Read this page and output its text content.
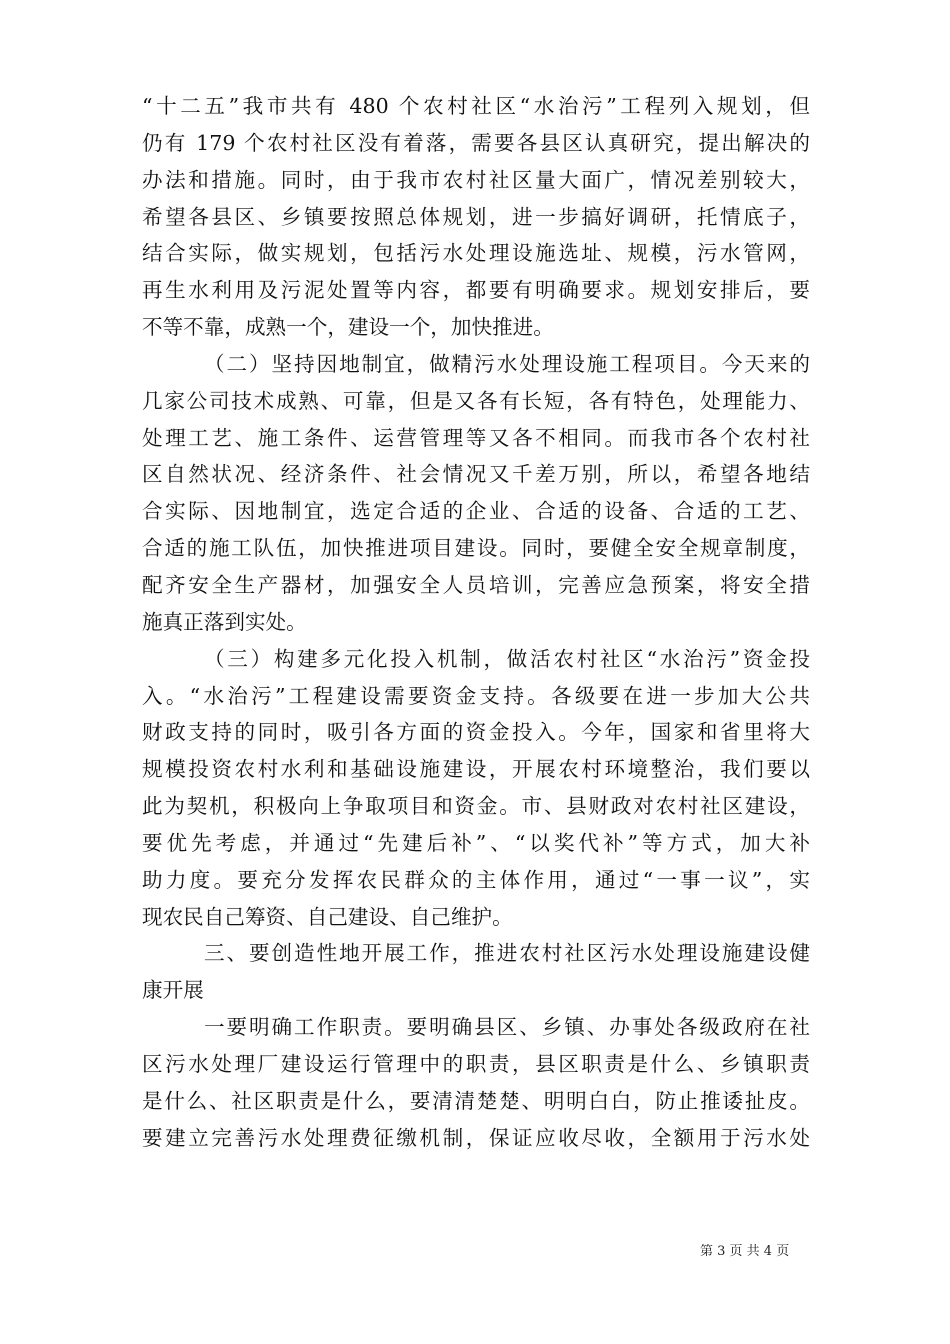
“十二五”我市共有 480 个农村社区“水治污”工程列入规划，但
仍有 179 个农村社区没有着落，需要各县区认真研究，提出解决的
办法和措施。同时，由于我市农村社区量大面广，情况差别较大，
希望各县区、乡镇要按照总体规划，进一步搞好调研，托情底子，
结合实际，做实规划，包括污水处理设施选址、规模，污水管网，
再生水利用及污泥处置等内容，都要有明确要求。规划安排后，要
不等不靠，成熟一个，建设一个，加快推进。
（二）坚持因地制宜，做精污水处理设施工程项目。今天来的
几家公司技术成熟、可靠，但是又各有长短，各有特色，处理能力、
处理工艺、施工条件、运营管理等又各不相同。而我市各个农村社
区自然状况、经济条件、社会情况又千差万别，所以，希望各地结
合实际、因地制宜，选定合适的企业、合适的设备、合适的工艺、
合适的施工队伍，加快推进项目建设。同时，要健全安全规章制度，
配齐安全生产器材，加强安全人员培训，完善应急预案，将安全措
施真正落到实处。
（三）构建多元化投入机制，做活农村社区“水治污”资金投
入。“水治污”工程建设需要资金支持。各级要在进一步加大公共
财政支持的同时，吸引各方面的资金投入。今年，国家和省里将大
规模投资农村水利和基础设施建设，开展农村环境整治，我们要以
此为契机，积极向上争取项目和资金。市、县财政对农村社区建设，
要优先考虑，并通过“先建后补”、“以奖代补”等方式，加大补
助力度。要充分发挥农民群众的主体作用，通过“一事一议”，实
现农民自己筹资、自己建设、自己维护。
三、要创造性地开展工作，推进农村社区污水处理设施建设健
康开展
一要明确工作职责。要明确县区、乡镇、办事处各级政府在社
区污水处理厂建设运行管理中的职责，县区职责是什么、乡镇职责
是什么、社区职责是什么，要清清楚楚、明明白白，防止推诿扯皮。
要建立完善污水处理费征缴机制，保证应收尽收，全额用于污水处
第 3 页 共 4 页
